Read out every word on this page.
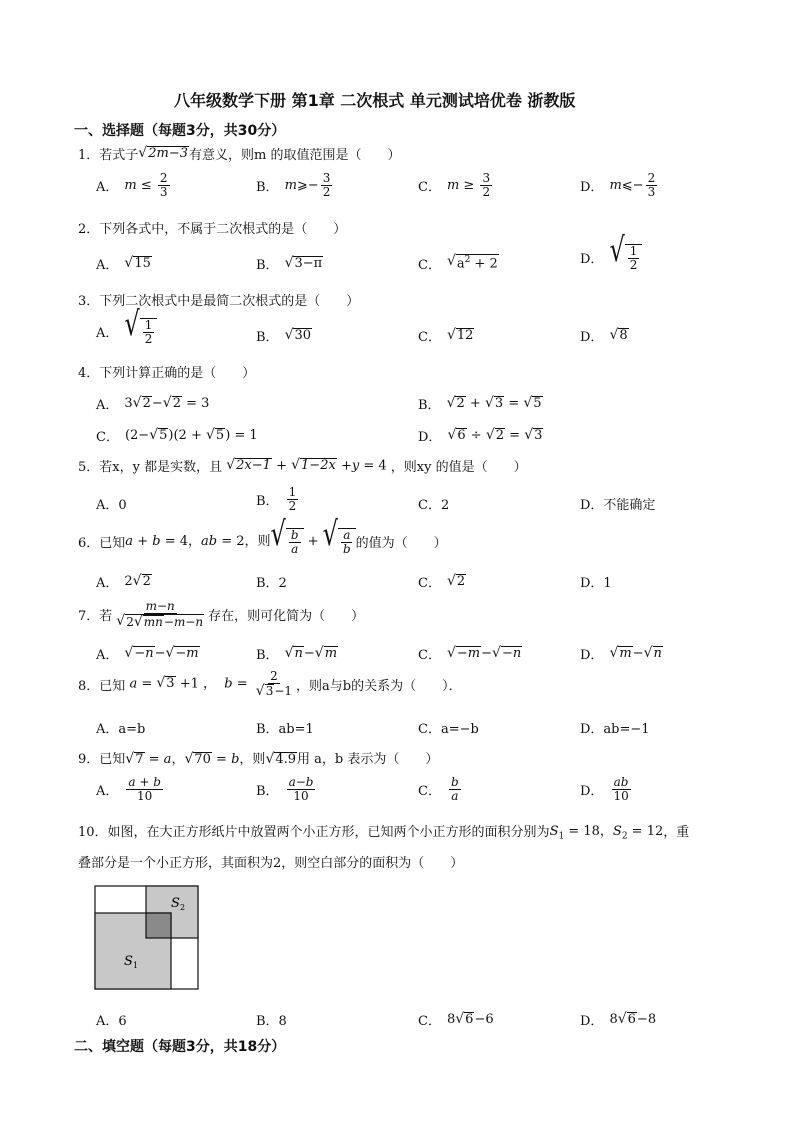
八年级数学下册 第1章 二次根式 单元测试培优卷 浙教版
一、选择题（每题3分，共30分）
1． 若式子 √ 2m−3 有意义，则m 的取值范围是（　　）
A． $m \le \frac{2}{3}$	B． m ⩾− $\frac{3}{2}$	C． $m \ge \frac{3}{2}$	D． m ⩽− $\frac{2}{3}$
2． 下列各式中，不属于二次根式的是（　　）
A． √ 15	B． √ 3−π	C． √ $a^2 + 2$	D． √ $\frac{1}{2}$
3． 下列二次根式中是最简二次根式的是（　　）
A． √ $\frac{1}{2}$	B． √ 30	C． √ 12	D． √ 8
4． 下列计算正确的是（　　）
A． 3 √ 2 − √ 2 = 3	B． √ 2 + √ 3 = √ 5
C． (2− √ 5 )(2 + √ 5 ) = 1	D． √ 6 ÷ √ 2 = √ 3
5． 若x，y 都是实数，且
√ 2x−1 + √ 1−2x +y = 4 ，则xy 的值是（　　）
A．0	B． $\frac{1}{2}$	C．2	D．不能确定
6． 已知 a + b = 4，ab = 2，则 √ $\frac{b}{a}$ + √ $\frac{a}{b}$ 的值为（　　）
A． 2 √ 2	B．2	C． √ 2	D．1
7． 若 $\frac{m-n}{√ 2 √ mn -m-n}$ 存在，则可化简为（　　）
A． √ −n − √ −m	B． √ n − √ m	C． √ −m − √ −n	D． √ m − √ n
8． 已知 a = √ 3 +1 ，  $b = \frac{2}{√ 3 -1}$ ，则a与b的关系为（　　）．
A．a=b	B．ab=1	C．a=−b	D．ab=−1
9． 已知 √ 7 = a， √ 70 = b，则 √ 4.9 用 a，b 表示为（　　）
A． $\frac{a + b}{10}$	B． $\frac{a-b}{10}$	C． $\frac{b}{a}$	D． $\frac{ab}{10}$
10． 如图，在大正方形纸片中放置两个小正方形，已知两个小正方形的面积分别为 $S_1 = 18$，$S_2 = 12$ ，重
叠部分是一个小正方形，其面积为2，则空白部分的面积为（　　）
S 2
S 1
A．6	B．8	C． 8 √ 6 −6	D． 8 √ 6 −8
二、填空题（每题3分，共18分）
